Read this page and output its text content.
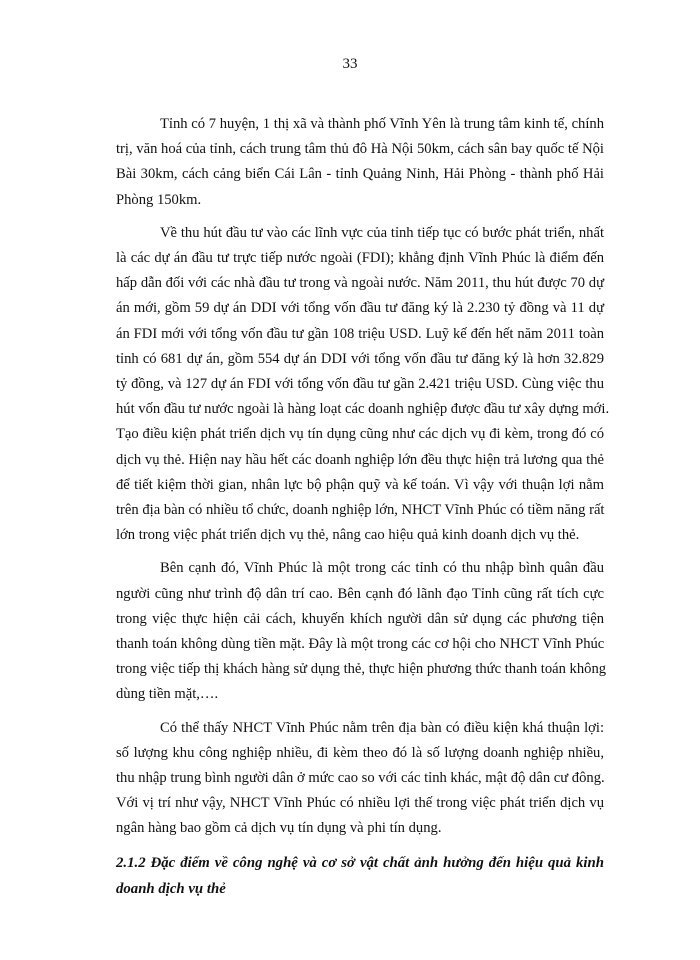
33

Tỉnh có 7 huyện, 1 thị xã và thành phố Vĩnh Yên là trung tâm kinh tế, chính
trị, văn hoá của tỉnh, cách trung tâm thủ đô Hà Nội 50km, cách sân bay quốc tế Nội
Bài 30km, cách cảng biển Cái Lân - tỉnh Quảng Ninh, Hải Phòng - thành phố Hải
Phòng 150km.

Về thu hút đầu tư vào các lĩnh vực của tỉnh tiếp tục có bước phát triển, nhất
là các dự án đầu tư trực tiếp nước ngoài (FDI); khẳng định Vĩnh Phúc là điểm đến
hấp dẫn đối với các nhà đầu tư trong và ngoài nước. Năm 2011, thu hút được 70 dự
án mới, gồm 59 dự án DDI với tổng vốn đầu tư đăng ký là 2.230 tỷ đồng và 11 dự
án FDI mới với tổng vốn đầu tư gần 108 triệu USD. Luỹ kế đến hết năm 2011 toàn
tỉnh có 681 dự án, gồm 554 dự án DDI với tổng vốn đầu tư đăng ký là hơn 32.829
tỷ đồng, và 127 dự án FDI với tổng vốn đầu tư gần 2.421 triệu USD. Cùng việc thu
hút vốn đầu tư nước ngoài là hàng loạt các doanh nghiệp được đầu tư xây dựng mới.
Tạo điều kiện phát triển dịch vụ tín dụng cũng như các dịch vụ đi kèm, trong đó có
dịch vụ thẻ. Hiện nay hầu hết các doanh nghiệp lớn đều thực hiện trả lương qua thẻ
để tiết kiệm thời gian, nhân lực bộ phận quỹ và kế toán. Vì vậy với thuận lợi nằm
trên địa bàn có nhiều tổ chức, doanh nghiệp lớn, NHCT Vĩnh Phúc có tiềm năng rất
lớn trong việc phát triển dịch vụ thẻ, nâng cao hiệu quả kinh doanh dịch vụ thẻ.

Bên cạnh đó, Vĩnh Phúc là một trong các tỉnh có thu nhập bình quân đầu
người cũng như trình độ dân trí cao. Bên cạnh đó lãnh đạo Tỉnh cũng rất tích cực
trong việc thực hiện cải cách, khuyến khích người dân sử dụng các phương tiện
thanh toán không dùng tiền mặt. Đây là một trong các cơ hội cho NHCT Vĩnh Phúc
trong việc tiếp thị khách hàng sử dụng thẻ, thực hiện phương thức thanh toán không
dùng tiền mặt,….

Có thể thấy NHCT Vĩnh Phúc nằm trên địa bàn có điều kiện khá thuận lợi:
số lượng khu công nghiệp nhiều, đi kèm theo đó là số lượng doanh nghiệp nhiều,
thu nhập trung bình người dân ở mức cao so với các tỉnh khác, mật độ dân cư đông.
Với vị trí như vậy, NHCT Vĩnh Phúc có nhiều lợi thế trong việc phát triển dịch vụ
ngân hàng bao gồm cả dịch vụ tín dụng và phi tín dụng.

2.1.2 Đặc điểm về công nghệ và cơ sở vật chất ảnh hưởng đến hiệu quả kinh
doanh dịch vụ thẻ
